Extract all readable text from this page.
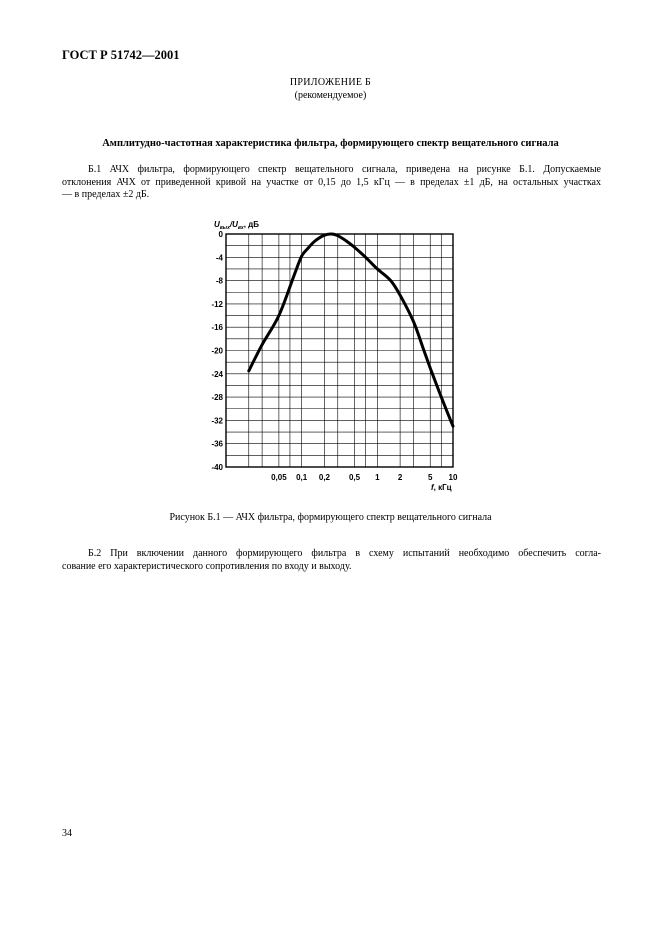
ГОСТ Р 51742—2001
ПРИЛОЖЕНИЕ Б
(рекомендуемое)
Амплитудно-частотная характеристика фильтра, формирующего спектр вещательного сигнала
Б.1 АЧХ фильтра, формирующего спектр вещательного сигнала, приведена на рисунке Б.1. Допускаемые
отклонения АЧХ от приведенной кривой на участке от 0,15 до 1,5 кГц — в пределах ±1 дБ, на остальных участках
— в пределах ±2 дБ.
0
-4
-8
-12
-16
-20
-24
-28
-32
-36
-40
0,05 0,1 0,2 0,5 1 2	5 10
$U_{вых}/U_{вх}$, дБ
f, кГц
Рисунок Б.1 — АЧХ фильтра, формирующего спектр вещательного сигнала
Б.2 При включении данного формирующего фильтра в схему испытаний необходимо обеспечить согла-
сование его характеристического сопротивления по входу и выходу.
34
